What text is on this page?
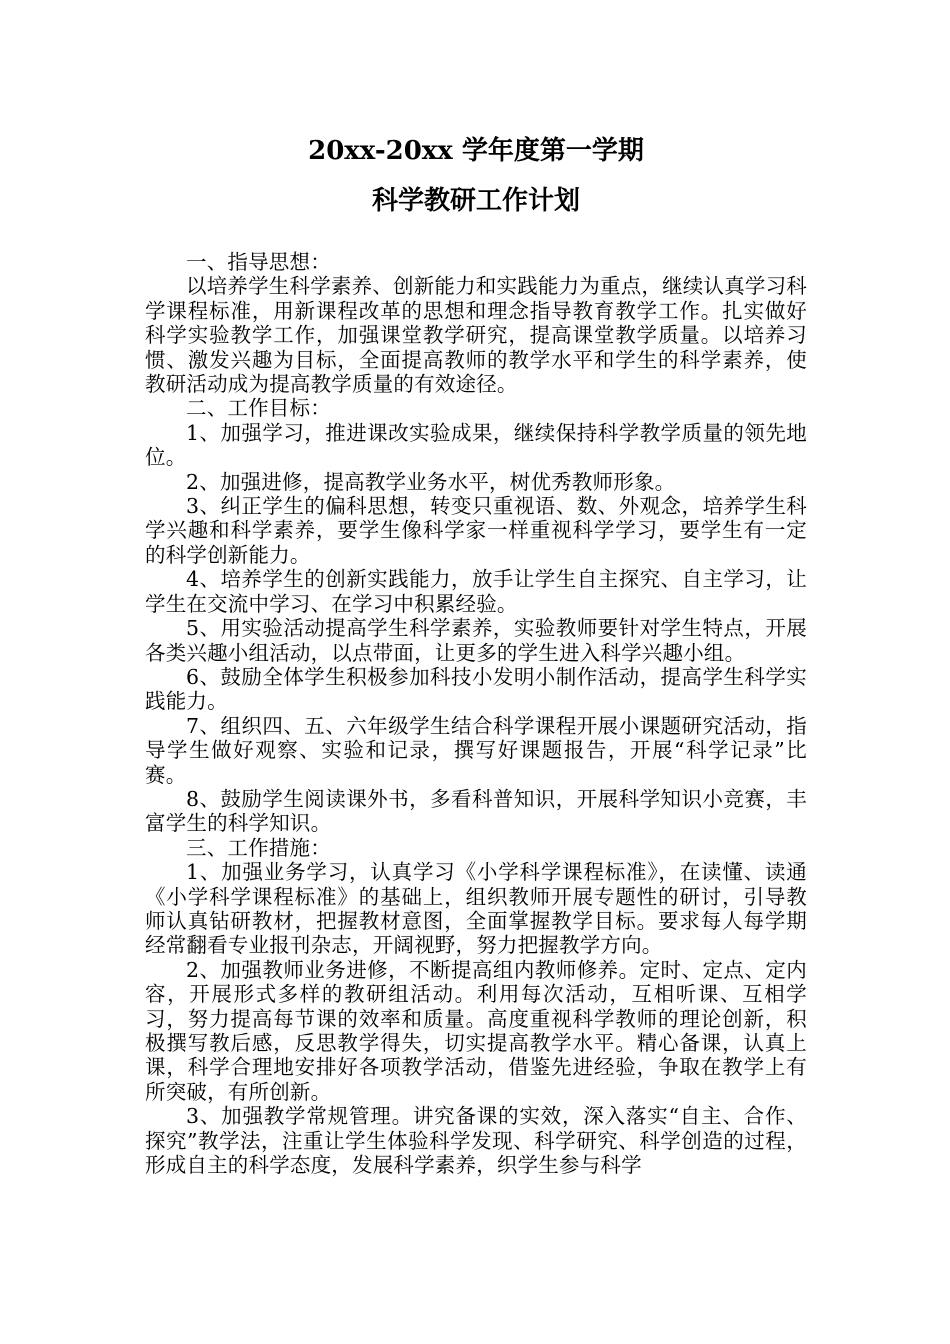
20xx-20xx 学年度第一学期
科学教研工作计划

一、指导思想：

以培养学生科学素养、创新能力和实践能力为重点，继续认真学习科学课程标准，用新课程改革的思想和理念指导教育教学工作。扎实做好科学实验教学工作，加强课堂教学研究，提高课堂教学质量。以培养习惯、激发兴趣为目标，全面提高教师的教学水平和学生的科学素养，使教研活动成为提高教学质量的有效途径。

二、工作目标：

1、加强学习，推进课改实验成果，继续保持科学教学质量的领先地位。

2、加强进修，提高教学业务水平，树优秀教师形象。

3、纠正学生的偏科思想，转变只重视语、数、外观念，培养学生科学兴趣和科学素养，要学生像科学家一样重视科学学习，要学生有一定的科学创新能力。

4、培养学生的创新实践能力，放手让学生自主探究、自主学习，让学生在交流中学习、在学习中积累经验。

5、用实验活动提高学生科学素养，实验教师要针对学生特点，开展各类兴趣小组活动，以点带面，让更多的学生进入科学兴趣小组。

6、鼓励全体学生积极参加科技小发明小制作活动，提高学生科学实践能力。

7、组织四、五、六年级学生结合科学课程开展小课题研究活动，指导学生做好观察、实验和记录，撰写好课题报告，开展“科学记录”比赛。

8、鼓励学生阅读课外书，多看科普知识，开展科学知识小竞赛，丰富学生的科学知识。

三、工作措施：

1、加强业务学习，认真学习《小学科学课程标准》，在读懂、读通《小学科学课程标准》的基础上，组织教师开展专题性的研讨，引导教师认真钻研教材，把握教材意图，全面掌握教学目标。要求每人每学期经常翻看专业报刊杂志，开阔视野，努力把握教学方向。

2、加强教师业务进修，不断提高组内教师修养。定时、定点、定内容，开展形式多样的教研组活动。利用每次活动，互相听课、互相学习，努力提高每节课的效率和质量。高度重视科学教师的理论创新，积极撰写教后感，反思教学得失，切实提高教学水平。精心备课，认真上课，科学合理地安排好各项教学活动，借鉴先进经验，争取在教学上有所突破，有所创新。

3、加强教学常规管理。讲究备课的实效，深入落实“自主、合作、探究”教学法，注重让学生体验科学发现、科学研究、科学创造的过程，形成自主的科学态度，发展科学素养，织学生参与科学
